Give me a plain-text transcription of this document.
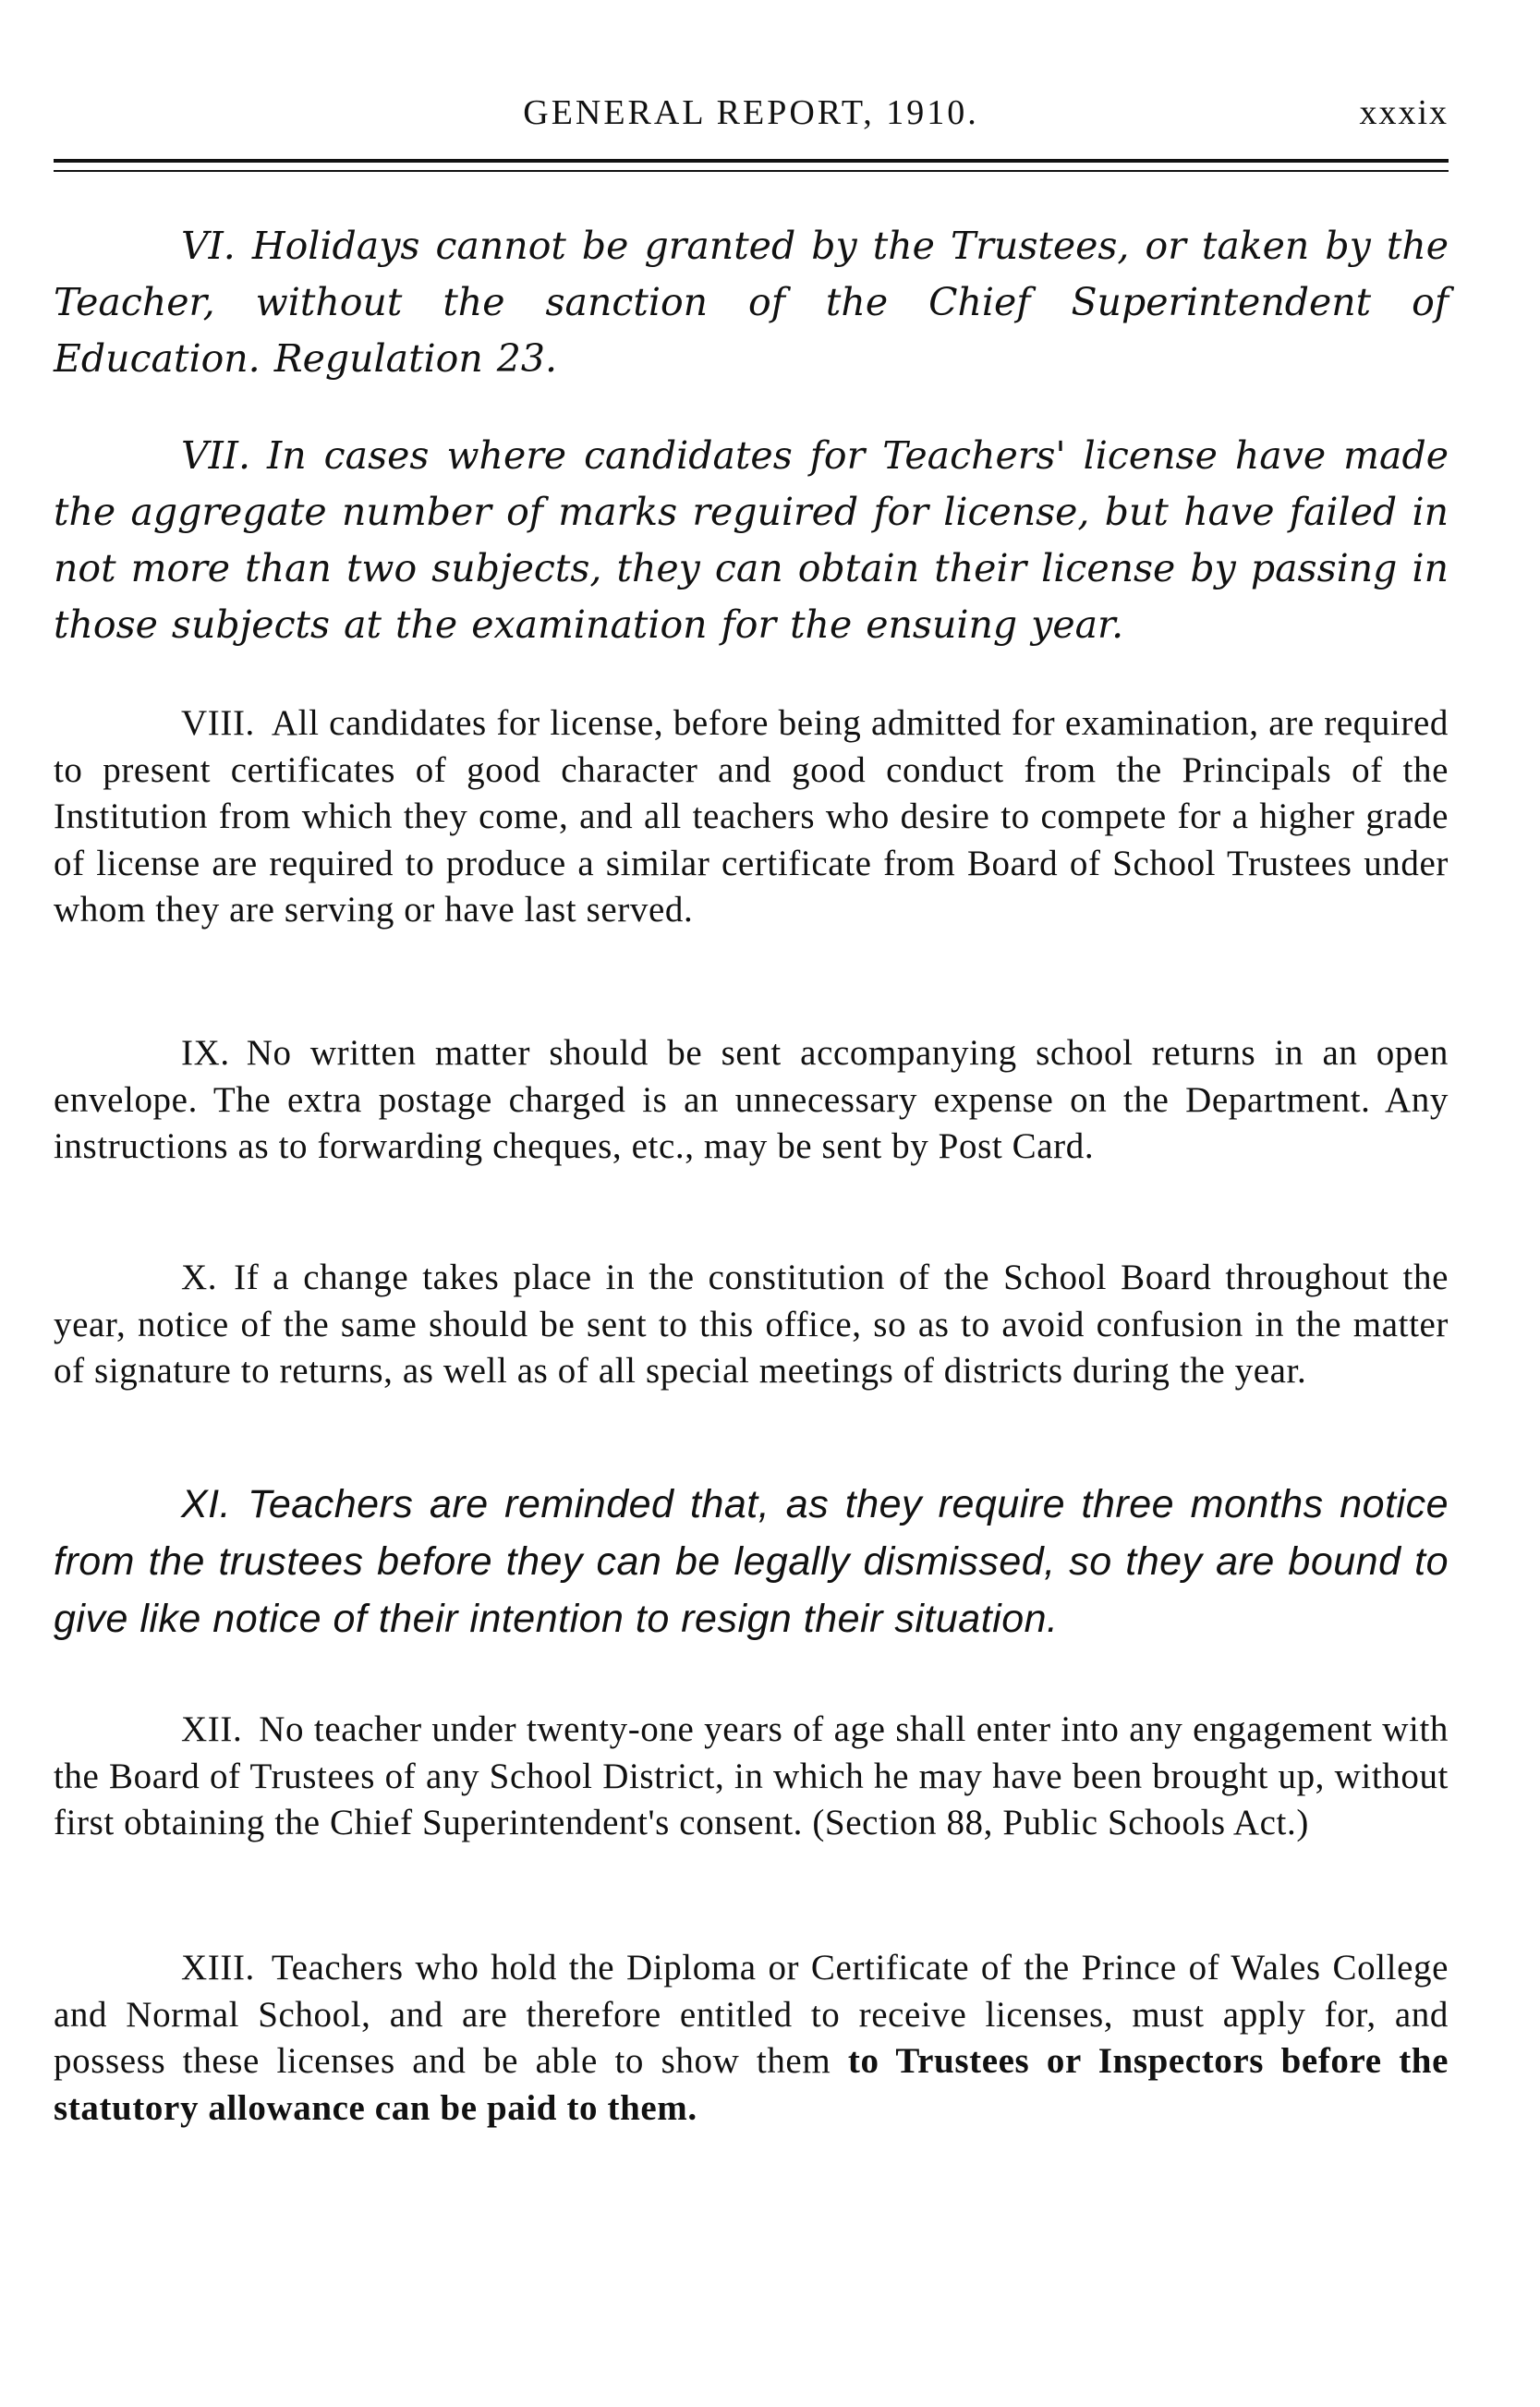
GENERAL REPORT, 1910.	xxxix

VI. Holidays cannot be granted by the Trustees, or taken by the Teacher, without the sanction of the Chief Superintendent of Education. Regulation 23.

VII. In cases where candidates for Teachers' license have made the aggregate number of marks reguired for license, but have failed in not more than two subjects, they can obtain their license by passing in those subjects at the examination for the ensuing year.

VIII. All candidates for license, before being admitted for examination, are required to present certificates of good character and good conduct from the Principals of the Institution from which they come, and all teachers who desire to compete for a higher grade of license are required to produce a similar certificate from Board of School Trustees under whom they are serving or have last served.

IX. No written matter should be sent accompanying school returns in an open envelope. The extra postage charged is an unnecessary expense on the Department. Any instructions as to forwarding cheques, etc., may be sent by Post Card.

X. If a change takes place in the constitution of the School Board throughout the year, notice of the same should be sent to this office, so as to avoid confusion in the matter of signature to returns, as well as of all special meetings of districts during the year.

XI. Teachers are reminded that, as they require three months notice from the trustees before they can be legally dismissed, so they are bound to give like notice of their intention to resign their situation.

XII. No teacher under twenty-one years of age shall enter into any engagement with the Board of Trustees of any School District, in which he may have been brought up, without first obtaining the Chief Superintendent's consent. (Section 88, Public Schools Act.)

XIII. Teachers who hold the Diploma or Certificate of the Prince of Wales College and Normal School, and are therefore entitled to receive licenses, must apply for, and possess these licenses and be able to show them to Trustees or Inspectors before the statutory allowance can be paid to them.
